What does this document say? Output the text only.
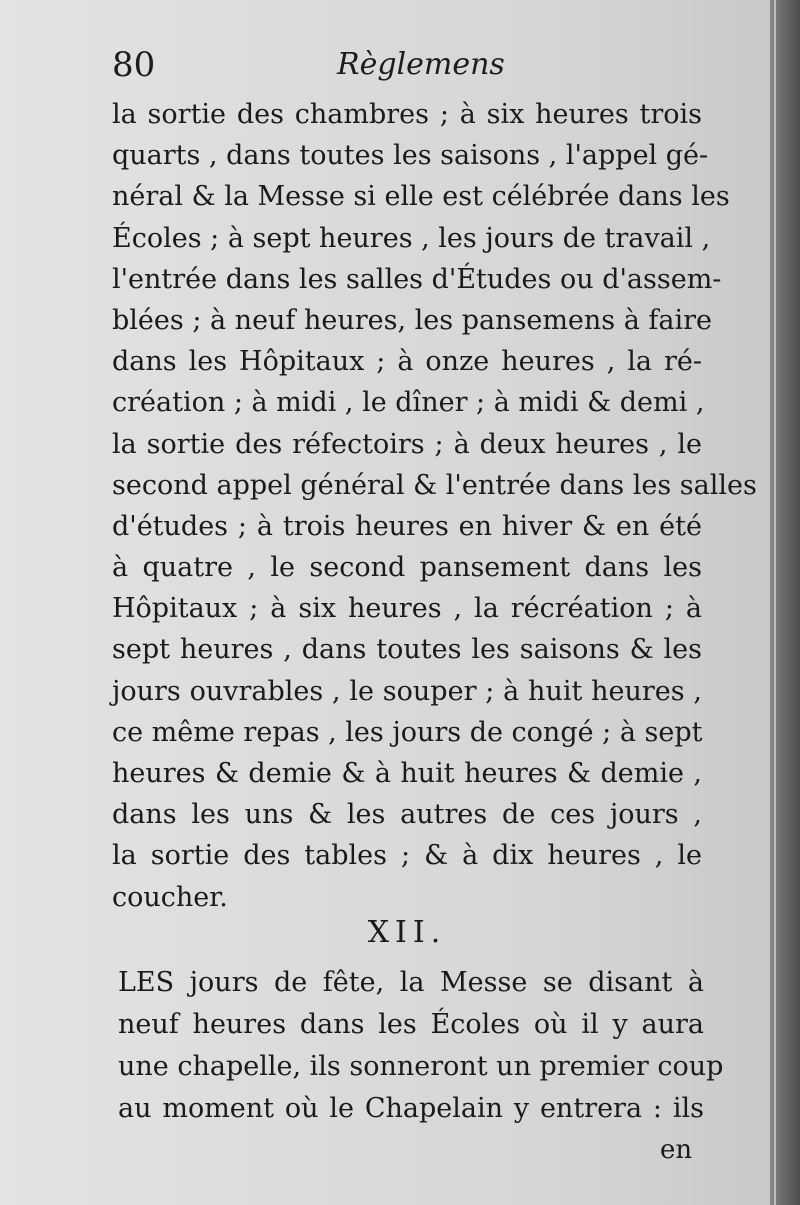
80	Règlemens
la sortie des chambres ; à six heures trois
quarts , dans toutes les saisons , l'appel gé-
néral & la Messe si elle est célébrée dans les
Écoles ; à sept heures , les jours de travail ,
l'entrée dans les salles d'Études ou d'assem-
blées ; à neuf heures, les pansemens à faire
dans les Hôpitaux ; à onze heures , la ré-
création ; à midi , le dîner ; à midi & demi ,
la sortie des réfectoirs ; à deux heures , le
second appel général & l'entrée dans les salles
d'études ; à trois heures en hiver & en été
à quatre , le second pansement dans les
Hôpitaux ; à six heures , la récréation ; à
sept heures , dans toutes les saisons & les
jours ouvrables , le souper ; à huit heures ,
ce même repas , les jours de congé ; à sept
heures & demie & à huit heures & demie ,
dans les uns & les autres de ces jours ,
la sortie des tables ; & à dix heures , le
coucher.
XII.
LES jours de fête, la Messe se disant à
neuf heures dans les Écoles où il y aura
une chapelle, ils sonneront un premier coup
au moment où le Chapelain y entrera : ils
en
